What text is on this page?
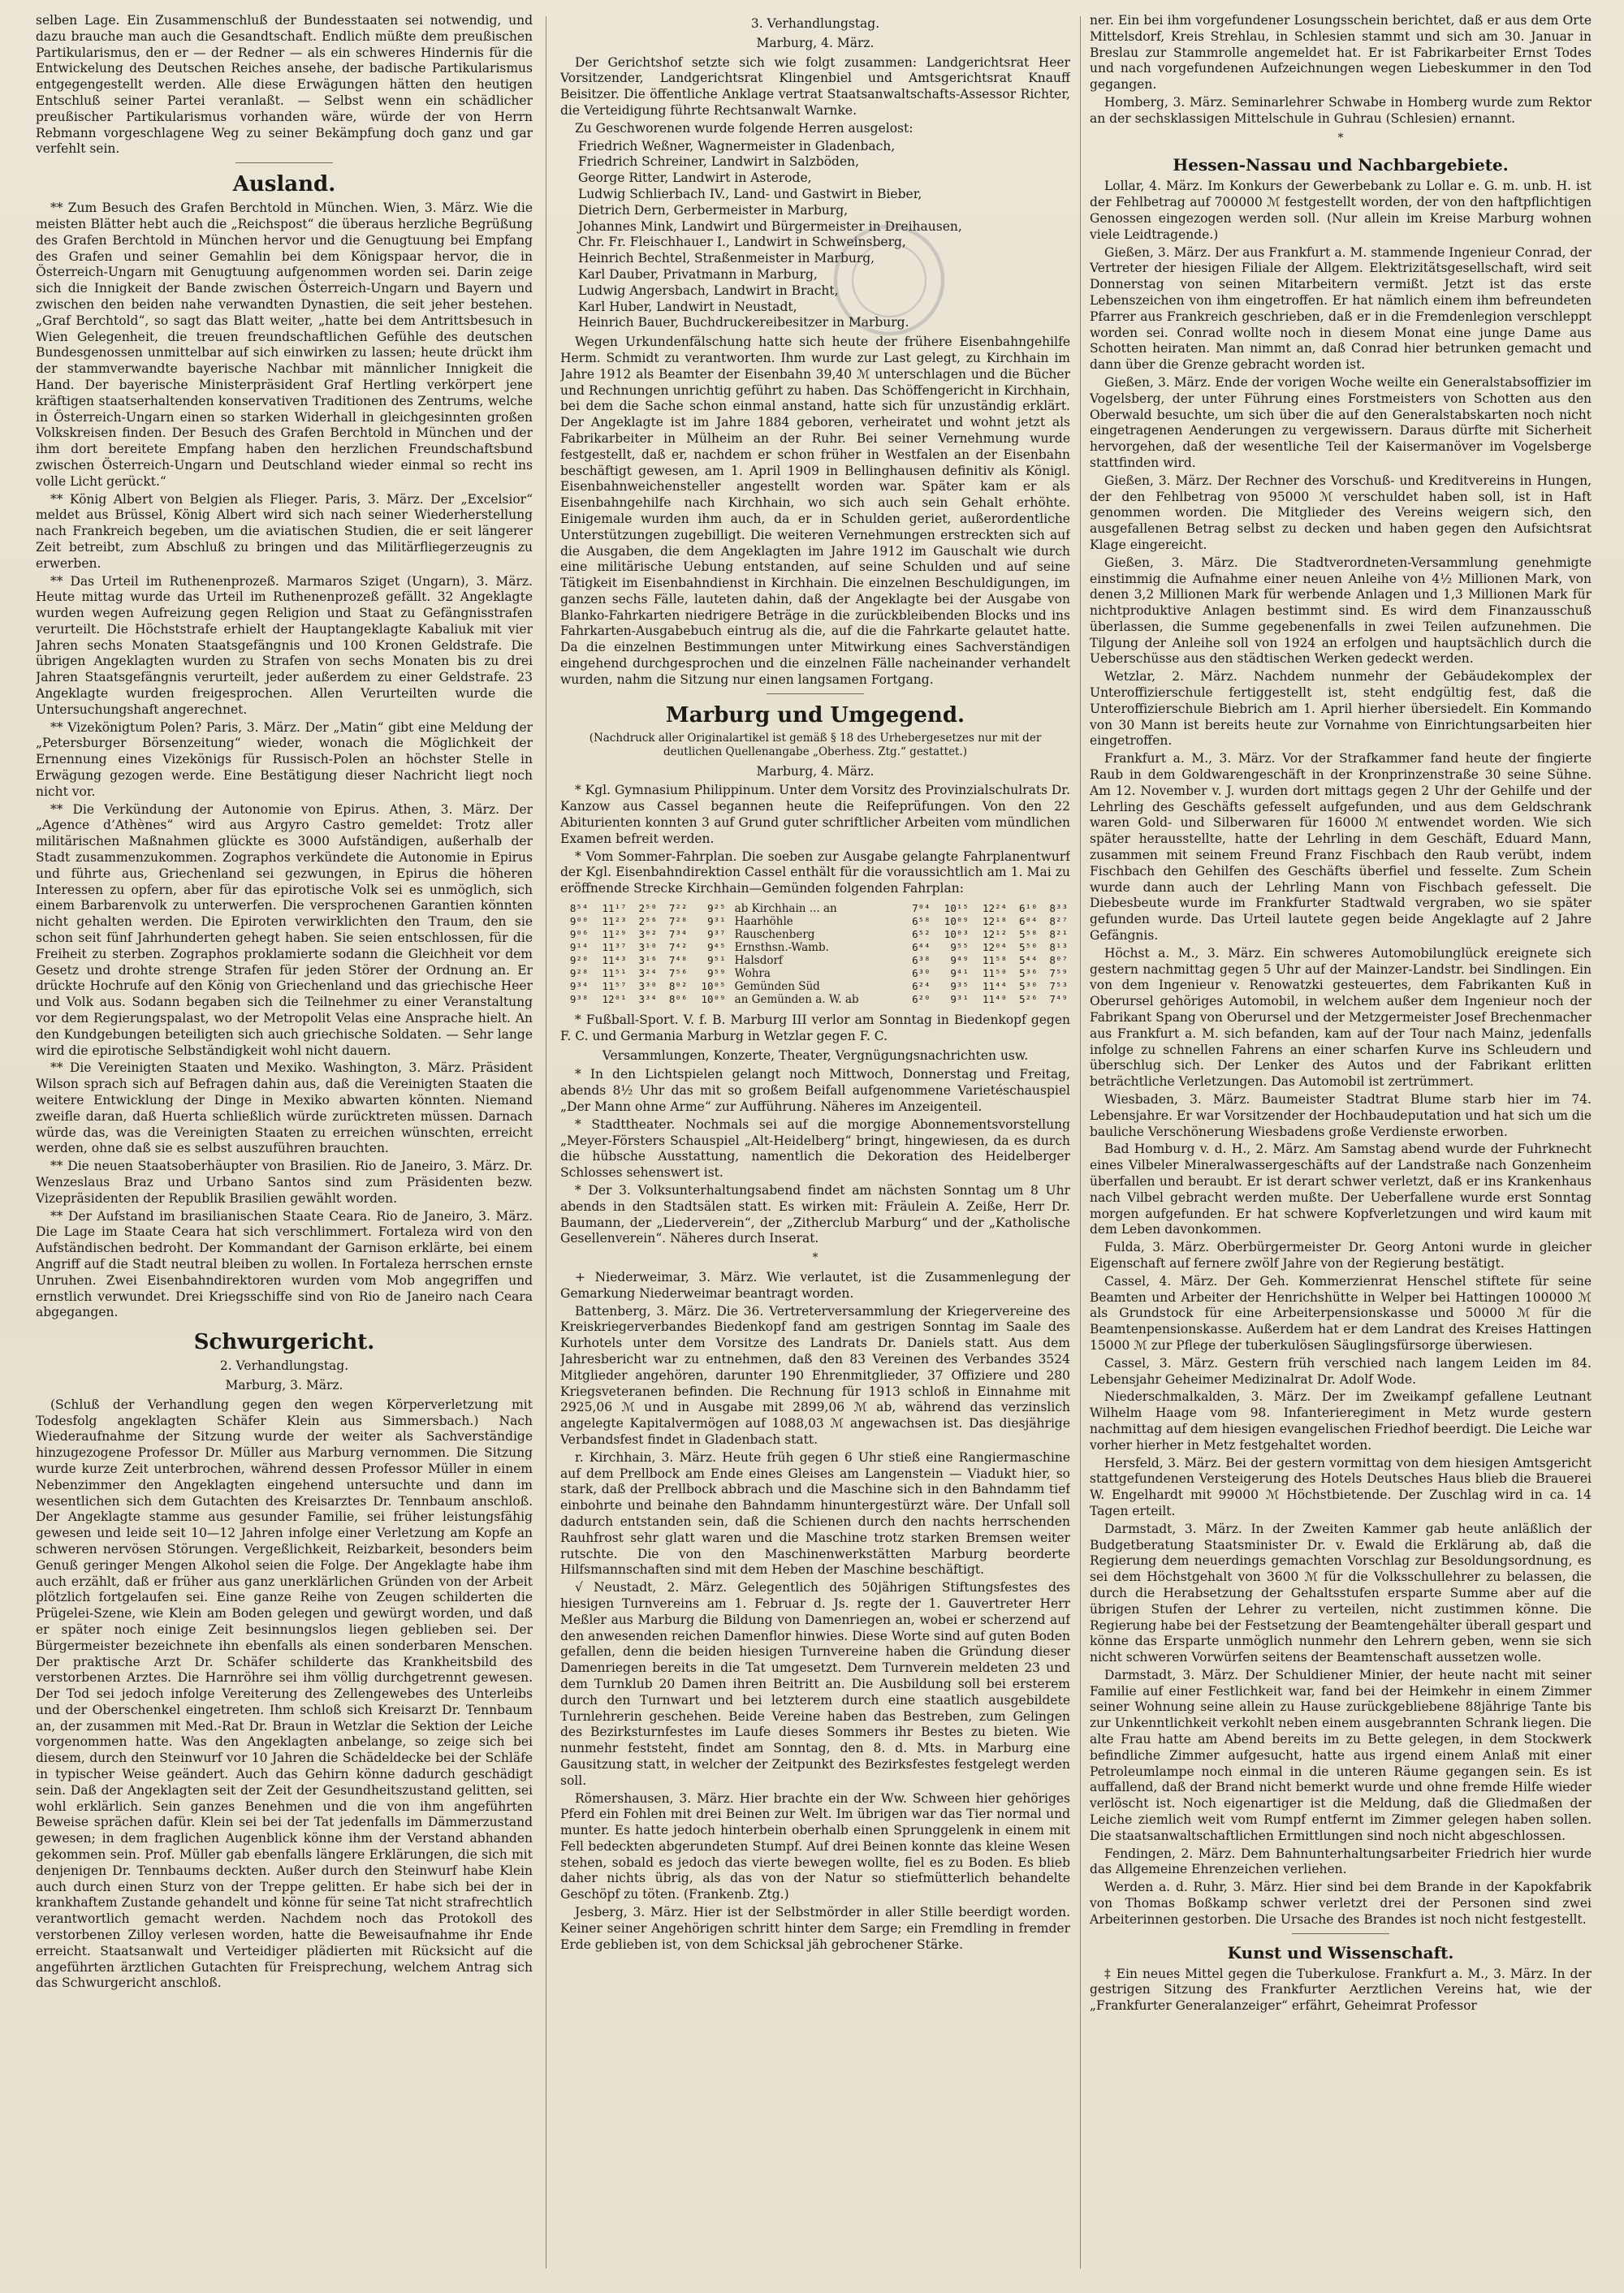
selben Lage. Ein Zusammenschluß der Bundesstaaten sei notwendig, und dazu brauche man auch die Gesandtschaft. Endlich müßte dem preußischen Partikularismus, den er — der Redner — als ein schweres Hindernis für die Entwickelung des Deutschen Reiches ansehe, der badische Partikularismus entgegengestellt werden. Alle diese Erwägungen hätten den heutigen Entschluß seiner Partei veranlaßt. — Selbst wenn ein schädlicher preußischer Partikularismus vorhanden wäre, würde der von Herrn Rebmann vorgeschlagene Weg zu seiner Bekämpfung doch ganz und gar verfehlt sein.

Ausland.

** Zum Besuch des Grafen Berchtold in München. Wien, 3. März. Wie die meisten Blätter hebt auch die „Reichspost“ die überaus herzliche Begrüßung des Grafen Berchtold in München hervor und die Genugtuung bei Empfang des Grafen und seiner Gemahlin bei dem Königspaar hervor, die in Österreich-Ungarn mit Genugtuung aufgenommen worden sei. Darin zeige sich die Innigkeit der Bande zwischen Österreich-Ungarn und Bayern und zwischen den beiden nahe verwandten Dynastien, die seit jeher bestehen. „Graf Berchtold“, so sagt das Blatt weiter, „hatte bei dem Antrittsbesuch in Wien Gelegenheit, die treuen freundschaftlichen Gefühle des deutschen Bundesgenossen unmittelbar auf sich einwirken zu lassen; heute drückt ihm der stammverwandte bayerische Nachbar mit männlicher Innigkeit die Hand. Der bayerische Ministerpräsident Graf Hertling verkörpert jene kräftigen staatserhaltenden konservativen Traditionen des Zentrums, welche in Österreich-Ungarn einen so starken Widerhall in gleichgesinnten großen Volkskreisen finden. Der Besuch des Grafen Berchtold in München und der ihm dort bereitete Empfang haben den herzlichen Freundschaftsbund zwischen Österreich-Ungarn und Deutschland wieder einmal so recht ins volle Licht gerückt.“

** König Albert von Belgien als Flieger. Paris, 3. März. Der „Excelsior“ meldet aus Brüssel, König Albert wird sich nach seiner Wiederherstellung nach Frankreich begeben, um die aviatischen Studien, die er seit längerer Zeit betreibt, zum Abschluß zu bringen und das Militärfliegerzeugnis zu erwerben.

** Das Urteil im Ruthenenprozeß. Marmaros Sziget (Ungarn), 3. März. Heute mittag wurde das Urteil im Ruthenenprozeß gefällt. 32 Angeklagte wurden wegen Aufreizung gegen Religion und Staat zu Gefängnisstrafen verurteilt. Die Höchststrafe erhielt der Hauptangeklagte Kabaliuk mit vier Jahren sechs Monaten Staatsgefängnis und 100 Kronen Geldstrafe. Die übrigen Angeklagten wurden zu Strafen von sechs Monaten bis zu drei Jahren Staatsgefängnis verurteilt, jeder außerdem zu einer Geldstrafe. 23 Angeklagte wurden freigesprochen. Allen Verurteilten wurde die Untersuchungshaft angerechnet.

** Vizekönigtum Polen? Paris, 3. März. Der „Matin“ gibt eine Meldung der „Petersburger Börsenzeitung“ wieder, wonach die Möglichkeit der Ernennung eines Vizekönigs für Russisch-Polen an höchster Stelle in Erwägung gezogen werde. Eine Bestätigung dieser Nachricht liegt noch nicht vor.

** Die Verkündung der Autonomie von Epirus. Athen, 3. März. Der „Agence d’Athènes“ wird aus Argyro Castro gemeldet: Trotz aller militärischen Maßnahmen glückte es 3000 Aufständigen, außerhalb der Stadt zusammenzukommen. Zographos verkündete die Autonomie in Epirus und führte aus, Griechenland sei gezwungen, in Epirus die höheren Interessen zu opfern, aber für das epirotische Volk sei es unmöglich, sich einem Barbarenvolk zu unterwerfen. Die versprochenen Garantien könnten nicht gehalten werden. Die Epiroten verwirklichten den Traum, den sie schon seit fünf Jahrhunderten gehegt haben. Sie seien entschlossen, für die Freiheit zu sterben. Zographos proklamierte sodann die Gleichheit vor dem Gesetz und drohte strenge Strafen für jeden Störer der Ordnung an. Er drückte Hochrufe auf den König von Griechenland und das griechische Heer und Volk aus. Sodann begaben sich die Teilnehmer zu einer Veranstaltung vor dem Regierungspalast, wo der Metropolit Velas eine Ansprache hielt. An den Kundgebungen beteiligten sich auch griechische Soldaten. — Sehr lange wird die epirotische Selbständigkeit wohl nicht dauern.

** Die Vereinigten Staaten und Mexiko. Washington, 3. März. Präsident Wilson sprach sich auf Befragen dahin aus, daß die Vereinigten Staaten die weitere Entwicklung der Dinge in Mexiko abwarten könnten. Niemand zweifle daran, daß Huerta schließlich würde zurücktreten müssen. Darnach würde das, was die Vereinigten Staaten zu erreichen wünschten, erreicht werden, ohne daß sie es selbst auszuführen brauchten.

** Die neuen Staatsoberhäupter von Brasilien. Rio de Janeiro, 3. März. Dr. Wenzeslaus Braz und Urbano Santos sind zum Präsidenten bezw. Vizepräsidenten der Republik Brasilien gewählt worden.

** Der Aufstand im brasilianischen Staate Ceara. Rio de Janeiro, 3. März. Die Lage im Staate Ceara hat sich verschlimmert. Fortaleza wird von den Aufständischen bedroht. Der Kommandant der Garnison erklärte, bei einem Angriff auf die Stadt neutral bleiben zu wollen. In Fortaleza herrschen ernste Unruhen. Zwei Eisenbahndirektoren wurden vom Mob angegriffen und ernstlich verwundet. Drei Kriegsschiffe sind von Rio de Janeiro nach Ceara abgegangen.

Schwurgericht.
2. Verhandlungstag.
Marburg, 3. März.

(Schluß der Verhandlung gegen den wegen Körperverletzung mit Todesfolg angeklagten Schäfer Klein aus Simmersbach.) Nach Wiederaufnahme der Sitzung wurde der weiter als Sachverständige hinzugezogene Professor Dr. Müller aus Marburg vernommen. Die Sitzung wurde kurze Zeit unterbrochen, während dessen Professor Müller in einem Nebenzimmer den Angeklagten eingehend untersuchte und dann im wesentlichen sich dem Gutachten des Kreisarztes Dr. Tennbaum anschloß. Der Angeklagte stamme aus gesunder Familie, sei früher leistungsfähig gewesen und leide seit 10—12 Jahren infolge einer Verletzung am Kopfe an schweren nervösen Störungen. Vergeßlichkeit, Reizbarkeit, besonders beim Genuß geringer Mengen Alkohol seien die Folge. Der Angeklagte habe ihm auch erzählt, daß er früher aus ganz unerklärlichen Gründen von der Arbeit plötzlich fortgelaufen sei. Eine ganze Reihe von Zeugen schilderten die Prügelei-Szene, wie Klein am Boden gelegen und gewürgt worden, und daß er später noch einige Zeit besinnungslos liegen geblieben sei. Der Bürgermeister bezeichnete ihn ebenfalls als einen sonderbaren Menschen. Der praktische Arzt Dr. Schäfer schilderte das Krankheitsbild des verstorbenen Arztes. Die Harnröhre sei ihm völlig durchgetrennt gewesen. Der Tod sei jedoch infolge Vereiterung des Zellengewebes des Unterleibs und der Oberschenkel eingetreten. Ihm schloß sich Kreisarzt Dr. Tennbaum an, der zusammen mit Med.-Rat Dr. Braun in Wetzlar die Sektion der Leiche vorgenommen hatte. Was den Angeklagten anbelange, so zeige sich bei diesem, durch den Steinwurf vor 10 Jahren die Schädeldecke bei der Schläfe in typischer Weise geändert. Auch das Gehirn könne dadurch geschädigt sein. Daß der Angeklagten seit der Zeit der Gesundheitszustand gelitten, sei wohl erklärlich. Sein ganzes Benehmen und die von ihm angeführten Beweise sprächen dafür. Klein sei bei der Tat jedenfalls im Dämmerzustand gewesen; in dem fraglichen Augenblick könne ihm der Verstand abhanden gekommen sein. Prof. Müller gab ebenfalls längere Erklärungen, die sich mit denjenigen Dr. Tennbaums deckten. Außer durch den Steinwurf habe Klein auch durch einen Sturz von der Treppe gelitten. Er habe sich bei der in krankhaftem Zustande gehandelt und könne für seine Tat nicht strafrechtlich verantwortlich gemacht werden. Nachdem noch das Protokoll des verstorbenen Zilloy verlesen worden, hatte die Beweisaufnahme ihr Ende erreicht. Staatsanwalt und Verteidiger plädierten mit Rücksicht auf die angeführten ärztlichen Gutachten für Freisprechung, welchem Antrag sich das Schwurgericht anschloß.

3. Verhandlungstag.
Marburg, 4. März.

Der Gerichtshof setzte sich wie folgt zusammen: Landgerichtsrat Heer Vorsitzender, Landgerichtsrat Klingenbiel und Amtsgerichtsrat Knauff Beisitzer. Die öffentliche Anklage vertrat Staatsanwaltschafts-Assessor Richter, die Verteidigung führte Rechtsanwalt Warnke.

Zu Geschworenen wurde folgende Herren ausgelost:

Friedrich Weßner, Wagnermeister in Gladenbach,
Friedrich Schreiner, Landwirt in Salzböden,
George Ritter, Landwirt in Asterode,
Ludwig Schlierbach IV., Land- und Gastwirt in Bieber,
Dietrich Dern, Gerbermeister in Marburg,
Johannes Mink, Landwirt und Bürgermeister in Dreihausen,
Chr. Fr. Fleischhauer I., Landwirt in Schweinsberg,
Heinrich Bechtel, Straßenmeister in Marburg,
Karl Dauber, Privatmann in Marburg,
Ludwig Angersbach, Landwirt in Bracht,
Karl Huber, Landwirt in Neustadt,
Heinrich Bauer, Buchdruckereibesitzer in Marburg.

Wegen Urkundenfälschung hatte sich heute der frühere Eisenbahngehilfe Herm. Schmidt zu verantworten. Ihm wurde zur Last gelegt, zu Kirchhain im Jahre 1912 als Beamter der Eisenbahn 39,40 ℳ unterschlagen und die Bücher und Rechnungen unrichtig geführt zu haben. Das Schöffengericht in Kirchhain, bei dem die Sache schon einmal anstand, hatte sich für unzuständig erklärt. Der Angeklagte ist im Jahre 1884 geboren, verheiratet und wohnt jetzt als Fabrikarbeiter in Mülheim an der Ruhr. Bei seiner Vernehmung wurde festgestellt, daß er, nachdem er schon früher in Westfalen an der Eisenbahn beschäftigt gewesen, am 1. April 1909 in Bellinghausen definitiv als Königl. Eisenbahnweichensteller angestellt worden war. Später kam er als Eisenbahngehilfe nach Kirchhain, wo sich auch sein Gehalt erhöhte. Einigemale wurden ihm auch, da er in Schulden geriet, außerordentliche Unterstützungen zugebilligt. Die weiteren Vernehmungen erstreckten sich auf die Ausgaben, die dem Angeklagten im Jahre 1912 im Gauschalt wie durch eine militärische Uebung entstanden, auf seine Schulden und auf seine Tätigkeit im Eisenbahndienst in Kirchhain. Die einzelnen Beschuldigungen, im ganzen sechs Fälle, lauteten dahin, daß der Angeklagte bei der Ausgabe von Blanko-Fahrkarten niedrigere Beträge in die zurückbleibenden Blocks und ins Fahrkarten-Ausgabebuch eintrug als die, auf die die Fahrkarte gelautet hatte. Da die einzelnen Bestimmungen unter Mitwirkung eines Sachverständigen eingehend durchgesprochen und die einzelnen Fälle nacheinander verhandelt wurden, nahm die Sitzung nur einen langsamen Fortgang.

Marburg und Umgegend.
(Nachdruck aller Originalartikel ist gemäß § 18 des Urhebergesetzes nur mit der deutlichen Quellenangabe „Oberhess. Ztg.“ gestattet.)
Marburg, 4. März.

* Kgl. Gymnasium Philippinum. Unter dem Vorsitz des Provinzialschulrats Dr. Kanzow aus Cassel begannen heute die Reifeprüfungen. Von den 22 Abiturienten konnten 3 auf Grund guter schriftlicher Arbeiten vom mündlichen Examen befreit werden.

* Vom Sommer-Fahrplan. Die soeben zur Ausgabe gelangte Fahrplanentwurf der Kgl. Eisenbahndirektion Cassel enthält für die voraussichtlich am 1. Mai zu eröffnende Strecke Kirchhain—Gemünden folgenden Fahrplan:

8⁵⁴	11¹⁷	2⁵⁰	7²²	9²⁵	ab Kirchhain ... an	7⁰⁴	10¹⁵	12²⁴	6¹⁰	8³³
9⁰⁰	11²³	2⁵⁶	7²⁸	9³¹	Haarhöhle	6⁵⁸	10⁰⁹	12¹⁸	6⁰⁴	8²⁷
9⁰⁶	11²⁹	3⁰²	7³⁴	9³⁷	Rauschenberg	6⁵²	10⁰³	12¹²	5⁵⁸	8²¹
9¹⁴	11³⁷	3¹⁰	7⁴²	9⁴⁵	Ernsthsn.-Wamb.	6⁴⁴	9⁵⁵	12⁰⁴	5⁵⁰	8¹³
9²⁰	11⁴³	3¹⁶	7⁴⁸	9⁵¹	Halsdorf	6³⁸	9⁴⁹	11⁵⁸	5⁴⁴	8⁰⁷
9²⁸	11⁵¹	3²⁴	7⁵⁶	9⁵⁹	Wohra	6³⁰	9⁴¹	11⁵⁰	5³⁶	7⁵⁹
9³⁴	11⁵⁷	3³⁰	8⁰²	10⁰⁵	Gemünden Süd	6²⁴	9³⁵	11⁴⁴	5³⁰	7⁵³
9³⁸	12⁰¹	3³⁴	8⁰⁶	10⁰⁹	an Gemünden a. W. ab	6²⁰	9³¹	11⁴⁰	5²⁶	7⁴⁹

* Fußball-Sport. V. f. B. Marburg III verlor am Sonntag in Biedenkopf gegen F. C. und Germania Marburg in Wetzlar gegen F. C.

Versammlungen, Konzerte, Theater, Vergnügungsnachrichten usw.

* In den Lichtspielen gelangt noch Mittwoch, Donnerstag und Freitag, abends 8½ Uhr das mit so großem Beifall aufgenommene Varietéschauspiel „Der Mann ohne Arme“ zur Aufführung. Näheres im Anzeigenteil.

* Stadttheater. Nochmals sei auf die morgige Abonnementsvorstellung „Meyer-Försters Schauspiel „Alt-Heidelberg“ bringt, hingewiesen, da es durch die hübsche Ausstattung, namentlich die Dekoration des Heidelberger Schlosses sehenswert ist.

* Der 3. Volksunterhaltungsabend findet am nächsten Sonntag um 8 Uhr abends in den Stadtsälen statt. Es wirken mit: Fräulein A. Zeiße, Herr Dr. Baumann, der „Liederverein“, der „Zitherclub Marburg“ und der „Katholische Gesellenverein“. Näheres durch Inserat.

*

+ Niederweimar, 3. März. Wie verlautet, ist die Zusammenlegung der Gemarkung Niederweimar beantragt worden.

Battenberg, 3. März. Die 36. Vertreterversammlung der Kriegervereine des Kreiskriegerverbandes Biedenkopf fand am gestrigen Sonntag im Saale des Kurhotels unter dem Vorsitze des Landrats Dr. Daniels statt. Aus dem Jahresbericht war zu entnehmen, daß den 83 Vereinen des Verbandes 3524 Mitglieder angehören, darunter 190 Ehrenmitglieder, 37 Offiziere und 280 Kriegsveteranen befinden. Die Rechnung für 1913 schloß in Einnahme mit 2925,06 ℳ und in Ausgabe mit 2899,06 ℳ ab, während das verzinslich angelegte Kapitalvermögen auf 1088,03 ℳ angewachsen ist. Das diesjährige Verbandsfest findet in Gladenbach statt.

r. Kirchhain, 3. März. Heute früh gegen 6 Uhr stieß eine Rangiermaschine auf dem Prellbock am Ende eines Gleises am Langenstein — Viadukt hier, so stark, daß der Prellbock abbrach und die Maschine sich in den Bahndamm tief einbohrte und beinahe den Bahndamm hinuntergestürzt wäre. Der Unfall soll dadurch entstanden sein, daß die Schienen durch den nachts herrschenden Rauhfrost sehr glatt waren und die Maschine trotz starken Bremsen weiter rutschte. Die von den Maschinenwerkstätten Marburg beorderte Hilfsmannschaften sind mit dem Heben der Maschine beschäftigt.

√ Neustadt, 2. März. Gelegentlich des 50jährigen Stiftungsfestes des hiesigen Turnvereins am 1. Februar d. Js. regte der 1. Gauvertreter Herr Meßler aus Marburg die Bildung von Damenriegen an, wobei er scherzend auf den anwesenden reichen Damenflor hinwies. Diese Worte sind auf guten Boden gefallen, denn die beiden hiesigen Turnvereine haben die Gründung dieser Damenriegen bereits in die Tat umgesetzt. Dem Turnverein meldeten 23 und dem Turnklub 20 Damen ihren Beitritt an. Die Ausbildung soll bei ersterem durch den Turnwart und bei letzterem durch eine staatlich ausgebildete Turnlehrerin geschehen. Beide Vereine haben das Bestreben, zum Gelingen des Bezirksturnfestes im Laufe dieses Sommers ihr Bestes zu bieten. Wie nunmehr feststeht, findet am Sonntag, den 8. d. Mts. in Marburg eine Gausitzung statt, in welcher der Zeitpunkt des Bezirksfestes festgelegt werden soll.

Römershausen, 3. März. Hier brachte ein der Ww. Schween hier gehöriges Pferd ein Fohlen mit drei Beinen zur Welt. Im übrigen war das Tier normal und munter. Es hatte jedoch hinterbein oberhalb einen Sprunggelenk in einem mit Fell bedeckten abgerundeten Stumpf. Auf drei Beinen konnte das kleine Wesen stehen, sobald es jedoch das vierte bewegen wollte, fiel es zu Boden. Es blieb daher nichts übrig, als das von der Natur so stiefmütterlich behandelte Geschöpf zu töten. (Frankenb. Ztg.)

Jesberg, 3. März. Hier ist der Selbstmörder in aller Stille beerdigt worden. Keiner seiner Angehörigen schritt hinter dem Sarge; ein Fremdling in fremder Erde geblieben ist, von dem Schicksal jäh gebrochener Stärke.

ner. Ein bei ihm vorgefundener Losungsschein berichtet, daß er aus dem Orte Mittelsdorf, Kreis Strehlau, in Schlesien stammt und sich am 30. Januar in Breslau zur Stammrolle angemeldet hat. Er ist Fabrikarbeiter Ernst Todes und nach vorgefundenen Aufzeichnungen wegen Liebeskummer in den Tod gegangen.

Homberg, 3. März. Seminarlehrer Schwabe in Homberg wurde zum Rektor an der sechsklassigen Mittelschule in Guhrau (Schlesien) ernannt.

*
Hessen-Nassau und Nachbargebiete.

Lollar, 4. März. Im Konkurs der Gewerbebank zu Lollar e. G. m. unb. H. ist der Fehlbetrag auf 700000 ℳ festgestellt worden, der von den haftpflichtigen Genossen eingezogen werden soll. (Nur allein im Kreise Marburg wohnen viele Leidtragende.)

Gießen, 3. März. Der aus Frankfurt a. M. stammende Ingenieur Conrad, der Vertreter der hiesigen Filiale der Allgem. Elektrizitätsgesellschaft, wird seit Donnerstag von seinen Mitarbeitern vermißt. Jetzt ist das erste Lebenszeichen von ihm eingetroffen. Er hat nämlich einem ihm befreundeten Pfarrer aus Frankreich geschrieben, daß er in die Fremdenlegion verschleppt worden sei. Conrad wollte noch in diesem Monat eine junge Dame aus Schotten heiraten. Man nimmt an, daß Conrad hier betrunken gemacht und dann über die Grenze gebracht worden ist.

Gießen, 3. März. Ende der vorigen Woche weilte ein Generalstabsoffizier im Vogelsberg, der unter Führung eines Forstmeisters von Schotten aus den Oberwald besuchte, um sich über die auf den Generalstabskarten noch nicht eingetragenen Aenderungen zu vergewissern. Daraus dürfte mit Sicherheit hervorgehen, daß der wesentliche Teil der Kaisermanöver im Vogelsberge stattfinden wird.

Gießen, 3. März. Der Rechner des Vorschuß- und Kreditvereins in Hungen, der den Fehlbetrag von 95000 ℳ verschuldet haben soll, ist in Haft genommen worden. Die Mitglieder des Vereins weigern sich, den ausgefallenen Betrag selbst zu decken und haben gegen den Aufsichtsrat Klage eingereicht.

Gießen, 3. März. Die Stadtverordneten-Versammlung genehmigte einstimmig die Aufnahme einer neuen Anleihe von 4½ Millionen Mark, von denen 3,2 Millionen Mark für werbende Anlagen und 1,3 Millionen Mark für nichtproduktive Anlagen bestimmt sind. Es wird dem Finanzausschuß überlassen, die Summe gegebenenfalls in zwei Teilen aufzunehmen. Die Tilgung der Anleihe soll von 1924 an erfolgen und hauptsächlich durch die Ueberschüsse aus den städtischen Werken gedeckt werden.

Wetzlar, 2. März. Nachdem nunmehr der Gebäudekomplex der Unteroffizierschule fertiggestellt ist, steht endgültig fest, daß die Unteroffizierschule Biebrich am 1. April hierher übersiedelt. Ein Kommando von 30 Mann ist bereits heute zur Vornahme von Einrichtungsarbeiten hier eingetroffen.

Frankfurt a. M., 3. März. Vor der Strafkammer fand heute der fingierte Raub in dem Goldwarengeschäft in der Kronprinzenstraße 30 seine Sühne. Am 12. November v. J. wurden dort mittags gegen 2 Uhr der Gehilfe und der Lehrling des Geschäfts gefesselt aufgefunden, und aus dem Geldschrank waren Gold- und Silberwaren für 16000 ℳ entwendet worden. Wie sich später herausstellte, hatte der Lehrling in dem Geschäft, Eduard Mann, zusammen mit seinem Freund Franz Fischbach den Raub verübt, indem Fischbach den Gehilfen des Geschäfts überfiel und fesselte. Zum Schein wurde dann auch der Lehrling Mann von Fischbach gefesselt. Die Diebesbeute wurde im Frankfurter Stadtwald vergraben, wo sie später gefunden wurde. Das Urteil lautete gegen beide Angeklagte auf 2 Jahre Gefängnis.

Höchst a. M., 3. März. Ein schweres Automobilunglück ereignete sich gestern nachmittag gegen 5 Uhr auf der Mainzer-Landstr. bei Sindlingen. Ein von dem Ingenieur v. Renowatzki gesteuertes, dem Fabrikanten Kuß in Oberursel gehöriges Automobil, in welchem außer dem Ingenieur noch der Fabrikant Spang von Oberursel und der Metzgermeister Josef Brechenmacher aus Frankfurt a. M. sich befanden, kam auf der Tour nach Mainz, jedenfalls infolge zu schnellen Fahrens an einer scharfen Kurve ins Schleudern und überschlug sich. Der Lenker des Autos und der Fabrikant erlitten beträchtliche Verletzungen. Das Automobil ist zertrümmert.

Wiesbaden, 3. März. Baumeister Stadtrat Blume starb hier im 74. Lebensjahre. Er war Vorsitzender der Hochbaudeputation und hat sich um die bauliche Verschönerung Wiesbadens große Verdienste erworben.

Bad Homburg v. d. H., 2. März. Am Samstag abend wurde der Fuhrknecht eines Vilbeler Mineralwassergeschäfts auf der Landstraße nach Gonzenheim überfallen und beraubt. Er ist derart schwer verletzt, daß er ins Krankenhaus nach Vilbel gebracht werden mußte. Der Ueberfallene wurde erst Sonntag morgen aufgefunden. Er hat schwere Kopfverletzungen und wird kaum mit dem Leben davonkommen.

Fulda, 3. März. Oberbürgermeister Dr. Georg Antoni wurde in gleicher Eigenschaft auf fernere zwölf Jahre von der Regierung bestätigt.

Cassel, 4. März. Der Geh. Kommerzienrat Henschel stiftete für seine Beamten und Arbeiter der Henrichshütte in Welper bei Hattingen 100000 ℳ als Grundstock für eine Arbeiterpensionskasse und 50000 ℳ für die Beamtenpensionskasse. Außerdem hat er dem Landrat des Kreises Hattingen 15000 ℳ zur Pflege der tuberkulösen Säuglingsfürsorge überwiesen.

Cassel, 3. März. Gestern früh verschied nach langem Leiden im 84. Lebensjahr Geheimer Medizinalrat Dr. Adolf Wode.

Niederschmalkalden, 3. März. Der im Zweikampf gefallene Leutnant Wilhelm Haage vom 98. Infanterieregiment in Metz wurde gestern nachmittag auf dem hiesigen evangelischen Friedhof beerdigt. Die Leiche war vorher hierher in Metz festgehaltet worden.

Hersfeld, 3. März. Bei der gestern vormittag von dem hiesigen Amtsgericht stattgefundenen Versteigerung des Hotels Deutsches Haus blieb die Brauerei W. Engelhardt mit 99000 ℳ Höchstbietende. Der Zuschlag wird in ca. 14 Tagen erteilt.

Darmstadt, 3. März. In der Zweiten Kammer gab heute anläßlich der Budgetberatung Staatsminister Dr. v. Ewald die Erklärung ab, daß die Regierung dem neuerdings gemachten Vorschlag zur Besoldungsordnung, es sei dem Höchstgehalt von 3600 ℳ für die Volksschullehrer zu belassen, die durch die Herabsetzung der Gehaltsstufen ersparte Summe aber auf die übrigen Stufen der Lehrer zu verteilen, nicht zustimmen könne. Die Regierung habe bei der Festsetzung der Beamtengehälter überall gespart und könne das Ersparte unmöglich nunmehr den Lehrern geben, wenn sie sich nicht schweren Vorwürfen seitens der Beamtenschaft aussetzen wolle.

Darmstadt, 3. März. Der Schuldiener Minier, der heute nacht mit seiner Familie auf einer Festlichkeit war, fand bei der Heimkehr in einem Zimmer seiner Wohnung seine allein zu Hause zurückgebliebene 88jährige Tante bis zur Unkenntlichkeit verkohlt neben einem ausgebrannten Schrank liegen. Die alte Frau hatte am Abend bereits im zu Bette gelegen, in dem Stockwerk befindliche Zimmer aufgesucht, hatte aus irgend einem Anlaß mit einer Petroleumlampe noch einmal in die unteren Räume gegangen sein. Es ist auffallend, daß der Brand nicht bemerkt wurde und ohne fremde Hilfe wieder verlöscht ist. Noch eigenartiger ist die Meldung, daß die Gliedmaßen der Leiche ziemlich weit vom Rumpf entfernt im Zimmer gelegen haben sollen. Die staatsanwaltschaftlichen Ermittlungen sind noch nicht abgeschlossen.

Fendingen, 2. März. Dem Bahnunterhaltungsarbeiter Friedrich hier wurde das Allgemeine Ehrenzeichen verliehen.

Werden a. d. Ruhr, 3. März. Hier sind bei dem Brande in der Kapokfabrik von Thomas Boßkamp schwer verletzt drei der Personen sind zwei Arbeiterinnen gestorben. Die Ursache des Brandes ist noch nicht festgestellt.

Kunst und Wissenschaft.

‡ Ein neues Mittel gegen die Tuberkulose. Frankfurt a. M., 3. März. In der gestrigen Sitzung des Frankfurter Aerztlichen Vereins hat, wie der „Frankfurter Generalanzeiger“ erfährt, Geheimrat Professor
